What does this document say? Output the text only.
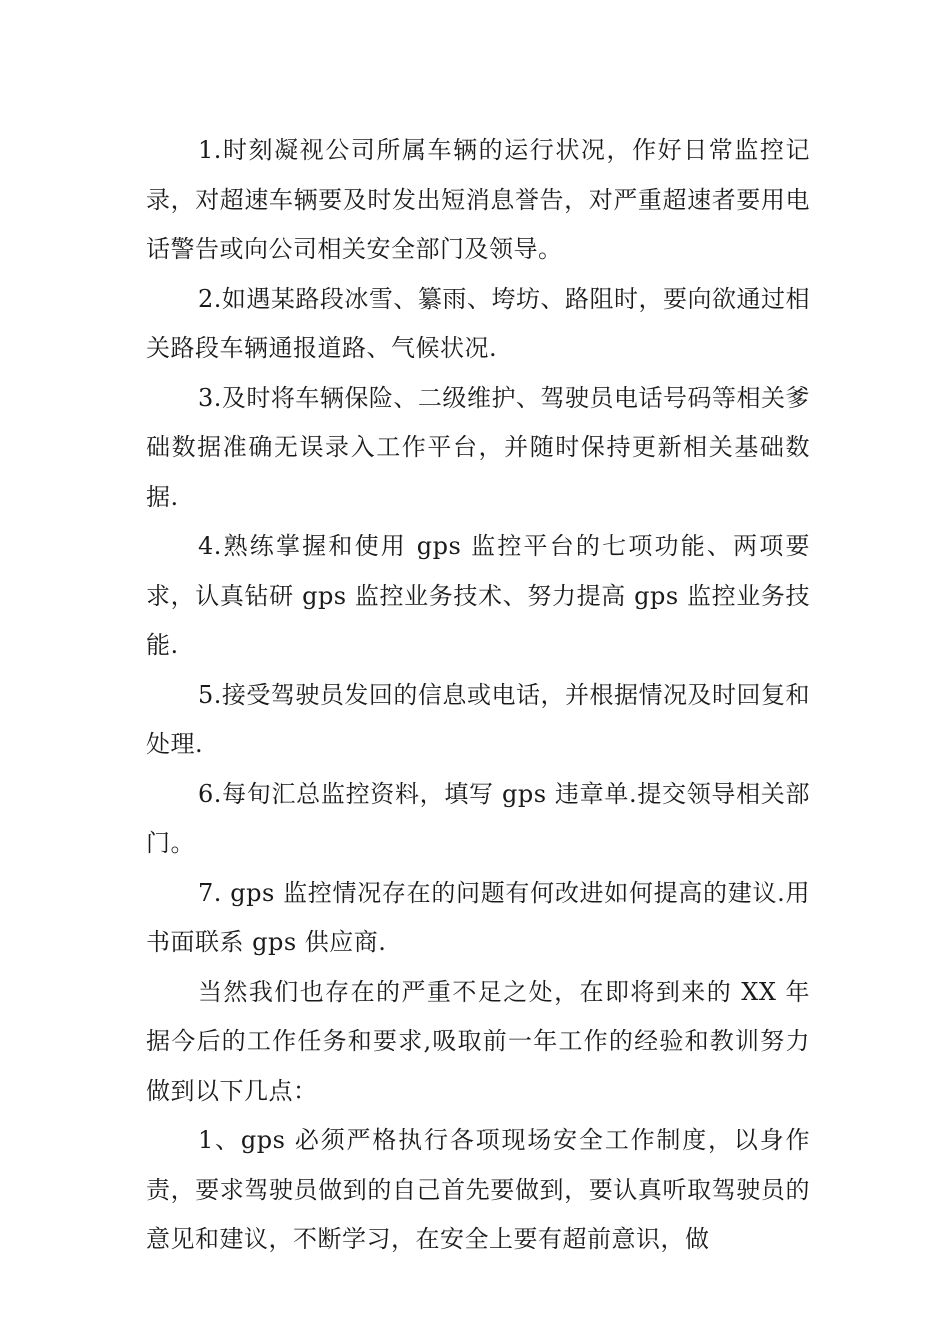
1.时刻凝视公司所属车辆的运行状况，作好日常监控记录，对超速车辆要及时发出短消息誉告，对严重超速者要用电话警告或向公司相关安全部门及领导。

2.如遇某路段冰雪、纂雨、垮坊、路阻时，要向欲通过相关路段车辆通报道路、气候状况.

3.及时将车辆保险、二级维护、驾驶员电话号码等相关爹础数据准确无误录入工作平台，并随时保持更新相关基础数据.

4.熟练掌握和使用 gps 监控平台的七项功能、两项要求，认真钻研 gps 监控业务技术、努力提高 gps 监控业务技能.

5.接受驾驶员发回的信息或电话，并根据情况及时回复和处理.

6.每旬汇总监控资料，填写 gps 违章单.提交领导相关部门。

7. gps 监控情况存在的问题有何改进如何提高的建议.用书面联系 gps 供应商.

当然我们也存在的严重不足之处，在即将到来的 XX 年据今后的工作任务和要求,吸取前一年工作的经验和教训努力做到以下几点：

1、gps 必须严格执行各项现场安全工作制度，以身作责，要求驾驶员做到的自己首先要做到，要认真听取驾驶员的意见和建议，不断学习，在安全上要有超前意识，做
